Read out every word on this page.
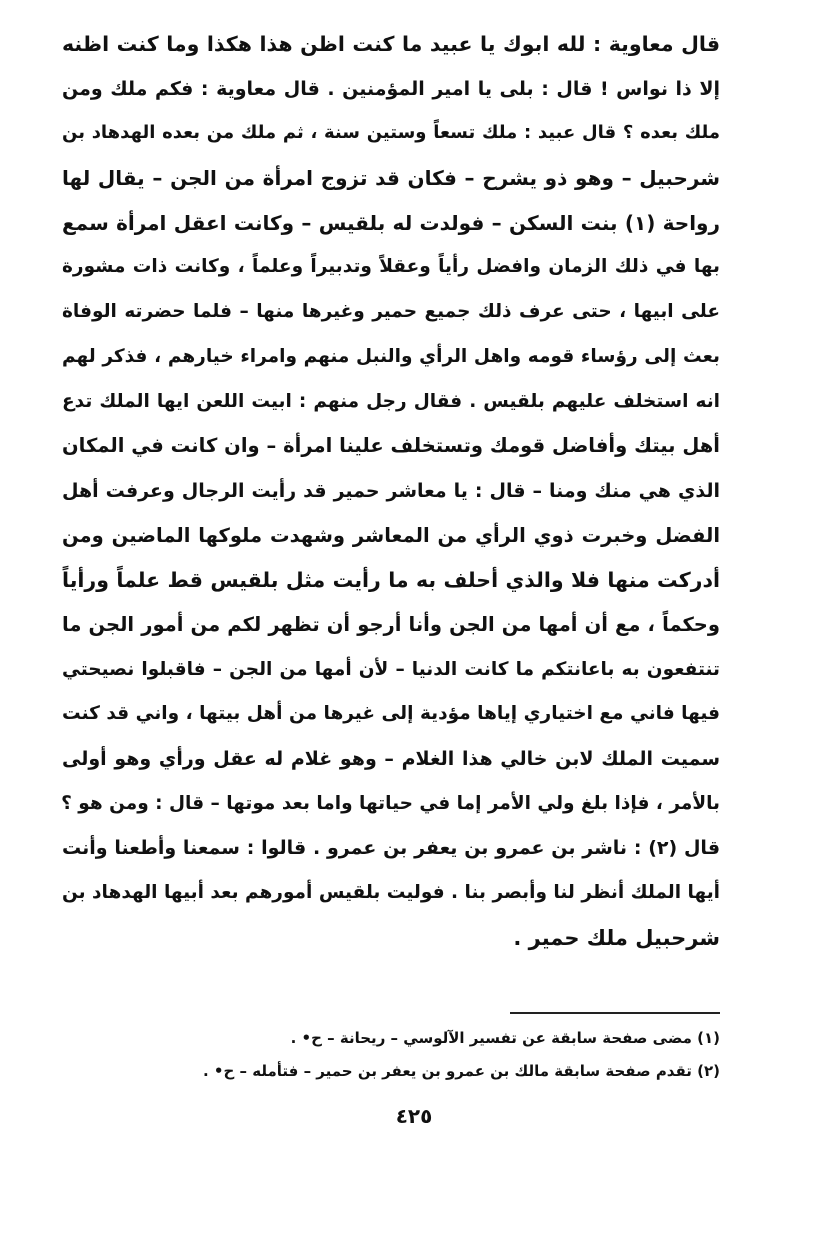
قال معاوية : لله ابوك يا عبيد ما كنت اظن هذا هكذا وما كنت اظنه
إلا ذا نواس ! قال : بلى يا امير المؤمنين . قال معاوية : فكم ملك ومن
ملك بعده ؟ قال عبيد : ملك تسعاً وستين سنة ، ثم ملك من بعده الهدهاد بن
شرحبيل – وهو ذو يشرح – فكان قد تزوج امرأة من الجن – يقال لها
رواحة (١) بنت السكن – فولدت له بلقيس – وكانت اعقل امرأة سمع
بها في ذلك الزمان وافضل رأياً وعقلاً وتدبيراً وعلماً ، وكانت ذات مشورة
على ابيها ، حتى عرف ذلك جميع حمير وغيرها منها – فلما حضرته الوفاة
بعث إلى رؤساء قومه واهل الرأي والنبل منهم وامراء خيارهم ، فذكر لهم
انه استخلف عليهم بلقيس . فقال رجل منهم : ابيت اللعن ايها الملك تدع
أهل بيتك وأفاضل قومك وتستخلف علينا امرأة – وان كانت في المكان
الذي هي منك ومنا – قال : يا معاشر حمير قد رأيت الرجال وعرفت أهل
الفضل وخبرت ذوي الرأي من المعاشر وشهدت ملوكها الماضين ومن
أدركت منها فلا والذي أحلف به ما رأيت مثل بلقيس قط علماً ورأياً
وحكماً ، مع أن أمها من الجن وأنا أرجو أن تظهر لكم من أمور الجن ما
تنتفعون به باعانتكم ما كانت الدنيا – لأن أمها من الجن – فاقبلوا نصيحتي
فيها فاني مع اختياري إياها مؤدية إلى غيرها من أهل بيتها ، واني قد كنت
سميت الملك لابن خالي هذا الغلام – وهو غلام له عقل ورأي وهو أولى
بالأمر ، فإذا بلغ ولي الأمر إما في حياتها واما بعد موتها – قال : ومن هو ؟
قال (٢) : ناشر بن عمرو بن يعفر بن عمرو . قالوا : سمعنا وأطعنا وأنت
أيها الملك أنظر لنا وأبصر بنا . فوليت بلقيس أمورهم بعد أبيها الهدهاد بن
شرحبيل ملك حمير .
(١) مضى صفحة سابقة عن تفسير الآلوسي – ريحانة – ح• .
(٢) تقدم صفحة سابقة مالك بن عمرو بن يعفر بن حمير – فتأمله – ح• .
٤٢٥
